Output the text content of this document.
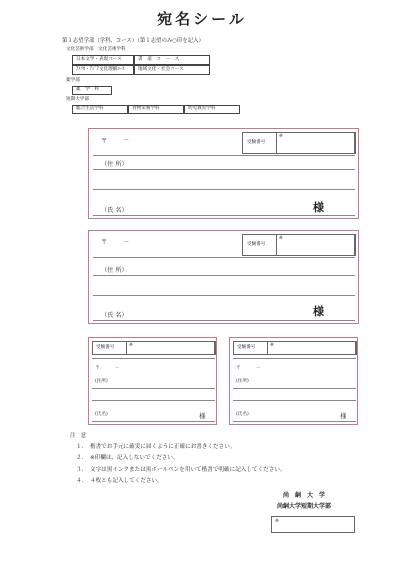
宛名シール
第１志望学部（学科、コース）（第１志望のみ○印を記入）
文化芸術学部　文化芸術学科
日本文学・表現コース	書　道　コ　ー　ス
ｱﾒﾘｶ・ｱｼﾞｱ文化理解ｺｰｽ	地域文化・社会コース
薬学部
薬　学　科
短期大学部
総合生活学科	食物栄養学科	幼児教育学科
〒	－	受験番号
※
（住 所）
（氏 名）	様
〒	－	受験番号
※
（住 所）
（氏 名）	様
受験番号	※
〒	－
(住所)
(氏名)	様
受験番号	※
〒	－
(住所)
(氏名)	様
注　意
１．　楷書でお手元に確実に届くように正確にお書きください。
２．　※印欄は、記入しないでください。
３．　文字は黒インクまたは黒ボールペンを用いて楷書で明確に記入してください。
４．　４枚とも記入してください。
尚　絅　大　学
尚絅大学短期大学部
※
